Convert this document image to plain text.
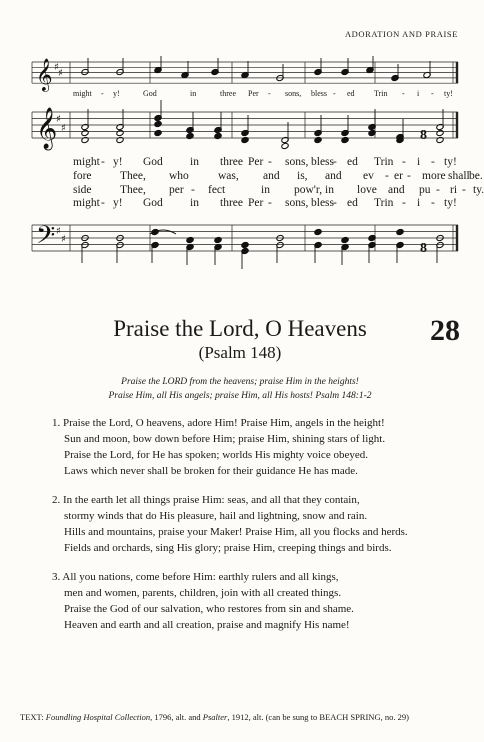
ADORATION AND PRAISE
𝄞
𝄞
𝄢
♯
♯
♯
♯
♯
♯
8
8
might - y!	God	in	three Per - sons, bless - ed Trin - i - ty!
might - y! God in three Per - sons, bless - ed Trin - i - ty!
fore Thee, who	was, and is, and ev - er - more shall be.
side Thee, per - fect	in pow'r, in love and pu - ri - ty.
might - y! God in three Per - sons, bless - ed Trin - i - ty!
Praise the Lord, O Heavens	28
(Psalm 148)
Praise the LORD from the heavens; praise Him in the heights!
Praise Him, all His angels; praise Him, all His hosts! Psalm 148:1-2
1. Praise the Lord, O heavens, adore Him! Praise Him, angels in the height!
Sun and moon, bow down before Him; praise Him, shining stars of light.
Praise the Lord, for He has spoken; worlds His mighty voice obeyed.
Laws which never shall be broken for their guidance He has made.
2. In the earth let all things praise Him: seas, and all that they contain,
stormy winds that do His pleasure, hail and lightning, snow and rain.
Hills and mountains, praise your Maker! Praise Him, all you flocks and herds.
Fields and orchards, sing His glory; praise Him, creeping things and birds.
3. All you nations, come before Him: earthly rulers and all kings,
men and women, parents, children, join with all created things.
Praise the God of our salvation, who restores from sin and shame.
Heaven and earth and all creation, praise and magnify His name!
TEXT: Foundling Hospital Collection, 1796, alt. and Psalter, 1912, alt. (can be sung to BEACH SPRING, no. 29)
